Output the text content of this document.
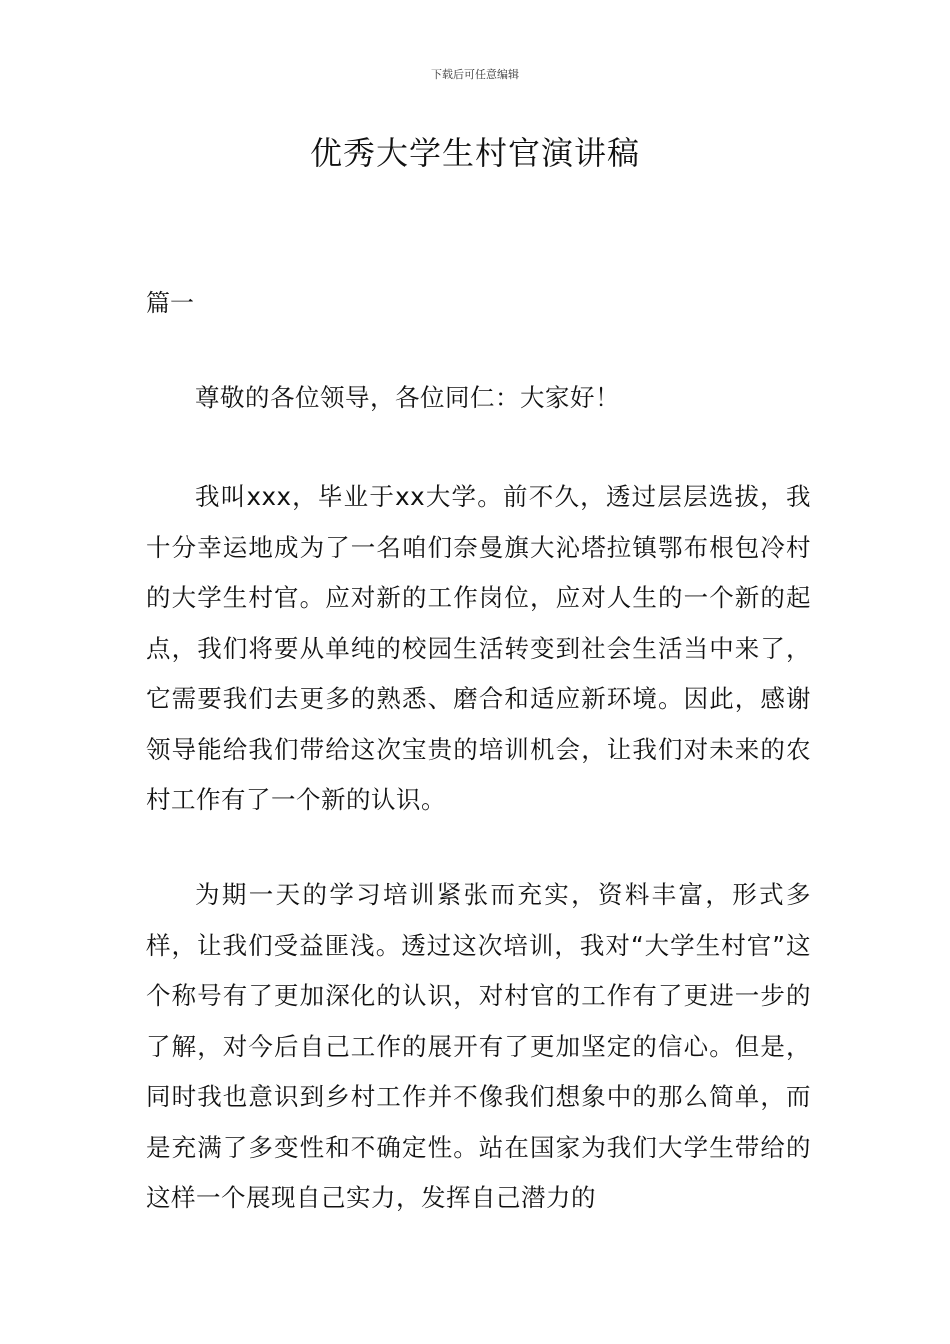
下载后可任意编辑
优秀大学生村官演讲稿
篇一

尊敬的各位领导，各位同仁：大家好！

我叫xxx，毕业于xx大学。前不久，透过层层选拔，我十分幸运地成为了一名咱们奈曼旗大沁塔拉镇鄂布根包冷村的大学生村官。应对新的工作岗位，应对人生的一个新的起点，我们将要从单纯的校园生活转变到社会生活当中来了，它需要我们去更多的熟悉、磨合和适应新环境。因此，感谢领导能给我们带给这次宝贵的培训机会，让我们对未来的农村工作有了一个新的认识。

为期一天的学习培训紧张而充实，资料丰富，形式多样，让我们受益匪浅。透过这次培训，我对“大学生村官”这个称号有了更加深化的认识，对村官的工作有了更进一步的了解，对今后自己工作的展开有了更加坚定的信心。但是，同时我也意识到乡村工作并不像我们想象中的那么简单，而是充满了多变性和不确定性。站在国家为我们大学生带给的这样一个展现自己实力，发挥自己潜力的
